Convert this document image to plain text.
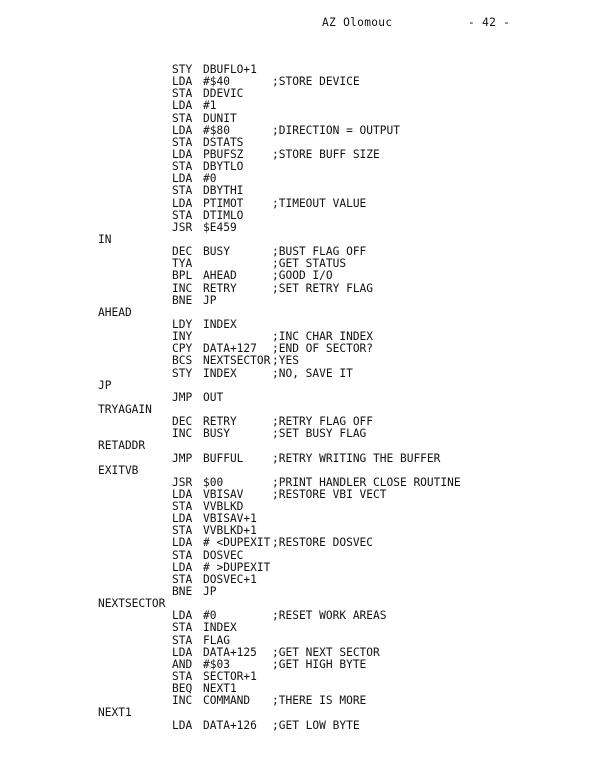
AZ Olomouc	- 42 -
STY DBUFLO+1
LDA #$40	;STORE DEVICE
STA DDEVIC
LDA #1
STA DUNIT
LDA #$80	;DIRECTION = OUTPUT
STA DSTATS
LDA PBUFSZ	;STORE BUFF SIZE
STA DBYTLO
LDA #0
STA DBYTHI
LDA PTIMOT	;TIMEOUT VALUE
STA DTIMLO
JSR $E459
IN
DEC BUSY	;BUST FLAG OFF
TYA	;GET STATUS
BPL AHEAD	;GOOD I/O
INC RETRY	;SET RETRY FLAG
BNE JP
AHEAD
LDY INDEX
INY	;INC CHAR INDEX
CPY DATA+127 ;END OF SECTOR?
BCS NEXTSECTOR ;YES
STY INDEX	;NO, SAVE IT
JP
JMP OUT
TRYAGAIN
DEC RETRY	;RETRY FLAG OFF
INC BUSY	;SET BUSY FLAG
RETADDR
JMP BUFFUL	;RETRY WRITING THE BUFFER
EXITVB
JSR $00	;PRINT HANDLER CLOSE ROUTINE
LDA VBISAV	;RESTORE VBI VECT
STA VVBLKD
LDA VBISAV+1
STA VVBLKD+1
LDA # <DUPEXIT ;RESTORE DOSVEC
STA DOSVEC
LDA # >DUPEXIT
STA DOSVEC+1
BNE JP
NEXTSECTOR
LDA #0	;RESET WORK AREAS
STA INDEX
STA FLAG
LDA DATA+125 ;GET NEXT SECTOR
AND #$03	;GET HIGH BYTE
STA SECTOR+1
BEQ NEXT1
INC COMMAND ;THERE IS MORE
NEXT1
LDA DATA+126 ;GET LOW BYTE
